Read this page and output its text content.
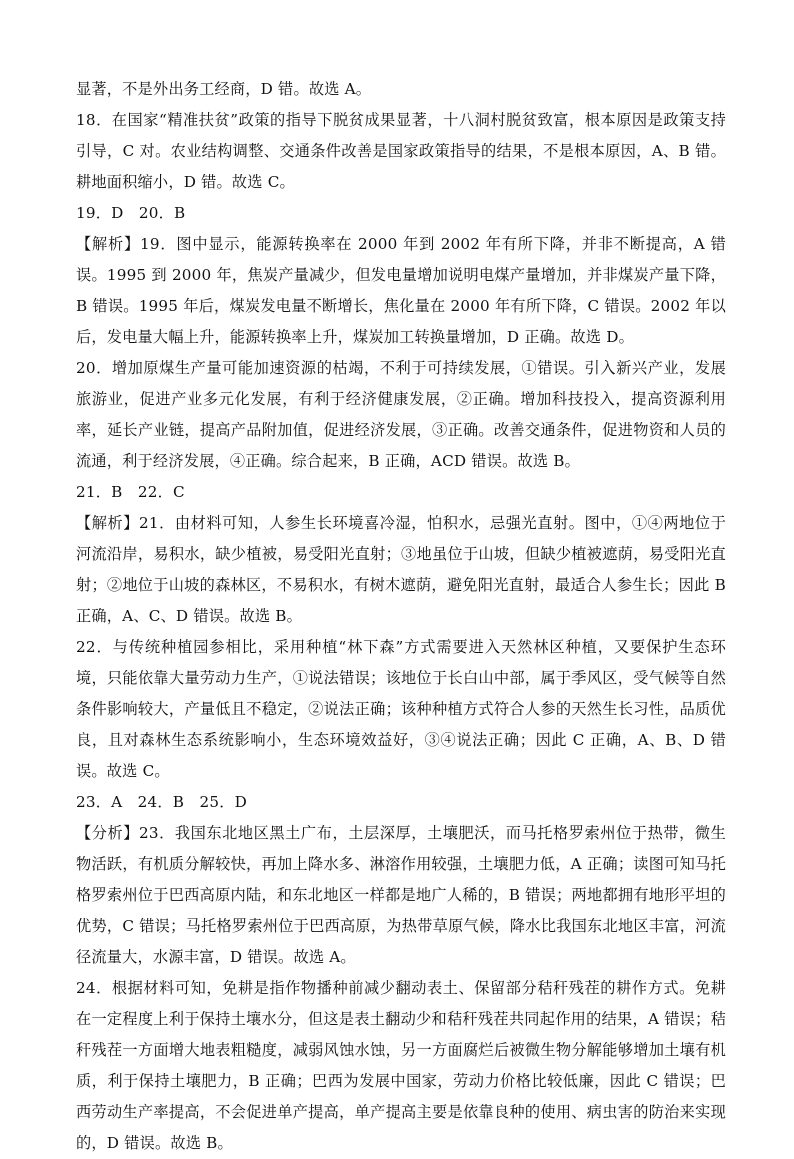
显著，不是外出务工经商，D 错。故选 A。

18．在国家“精准扶贫”政策的指导下脱贫成果显著，十八洞村脱贫致富，根本原因是政策支持引导，C 对。农业结构调整、交通条件改善是国家政策指导的结果，不是根本原因，A、B 错。耕地面积缩小，D 错。故选 C。

19．D　20．B

【解析】19．图中显示，能源转换率在 2000 年到 2002 年有所下降，并非不断提高，A 错误。1995 到 2000 年，焦炭产量减少，但发电量增加说明电煤产量增加，并非煤炭产量下降，B 错误。1995 年后，煤炭发电量不断增长，焦化量在 2000 年有所下降，C 错误。2002 年以后，发电量大幅上升，能源转换率上升，煤炭加工转换量增加，D 正确。故选 D。

20．增加原煤生产量可能加速资源的枯竭，不利于可持续发展，①错误。引入新兴产业，发展旅游业，促进产业多元化发展，有利于经济健康发展，②正确。增加科技投入，提高资源利用率，延长产业链，提高产品附加值，促进经济发展，③正确。改善交通条件，促进物资和人员的流通，利于经济发展，④正确。综合起来，B 正确，ACD 错误。故选 B。

21．B　22．C

【解析】21．由材料可知，人参生长环境喜冷湿，怕积水，忌强光直射。图中，①④两地位于河流沿岸，易积水，缺少植被，易受阳光直射；③地虽位于山坡，但缺少植被遮荫，易受阳光直射；②地位于山坡的森林区，不易积水，有树木遮荫，避免阳光直射，最适合人参生长；因此 B 正确，A、C、D 错误。故选 B。

22．与传统种植园参相比，采用种植“林下森”方式需要进入天然林区种植，又要保护生态环境，只能依靠大量劳动力生产，①说法错误；该地位于长白山中部，属于季风区，受气候等自然条件影响较大，产量低且不稳定，②说法正确；该种种植方式符合人参的天然生长习性，品质优良，且对森林生态系统影响小，生态环境效益好，③④说法正确；因此 C 正确，A、B、D 错误。故选 C。

23．A　24．B　25．D

【分析】23．我国东北地区黑土广布，土层深厚，土壤肥沃，而马托格罗索州位于热带，微生物活跃，有机质分解较快，再加上降水多、淋溶作用较强，土壤肥力低，A 正确；读图可知马托格罗索州位于巴西高原内陆，和东北地区一样都是地广人稀的，B 错误；两地都拥有地形平坦的优势，C 错误；马托格罗索州位于巴西高原，为热带草原气候，降水比我国东北地区丰富，河流径流量大，水源丰富，D 错误。故选 A。

24．根据材料可知，免耕是指作物播种前减少翻动表土、保留部分秸秆残茬的耕作方式。免耕在一定程度上利于保持土壤水分，但这是表土翻动少和秸秆残茬共同起作用的结果，A 错误；秸秆残茬一方面增大地表粗糙度，减弱风蚀水蚀，另一方面腐烂后被微生物分解能够增加土壤有机质，利于保持土壤肥力，B 正确；巴西为发展中国家，劳动力价格比较低廉，因此 C 错误；巴西劳动生产率提高，不会促进单产提高，单产提高主要是依靠良种的使用、病虫害的防治来实现的，D 错误。故选 B。
